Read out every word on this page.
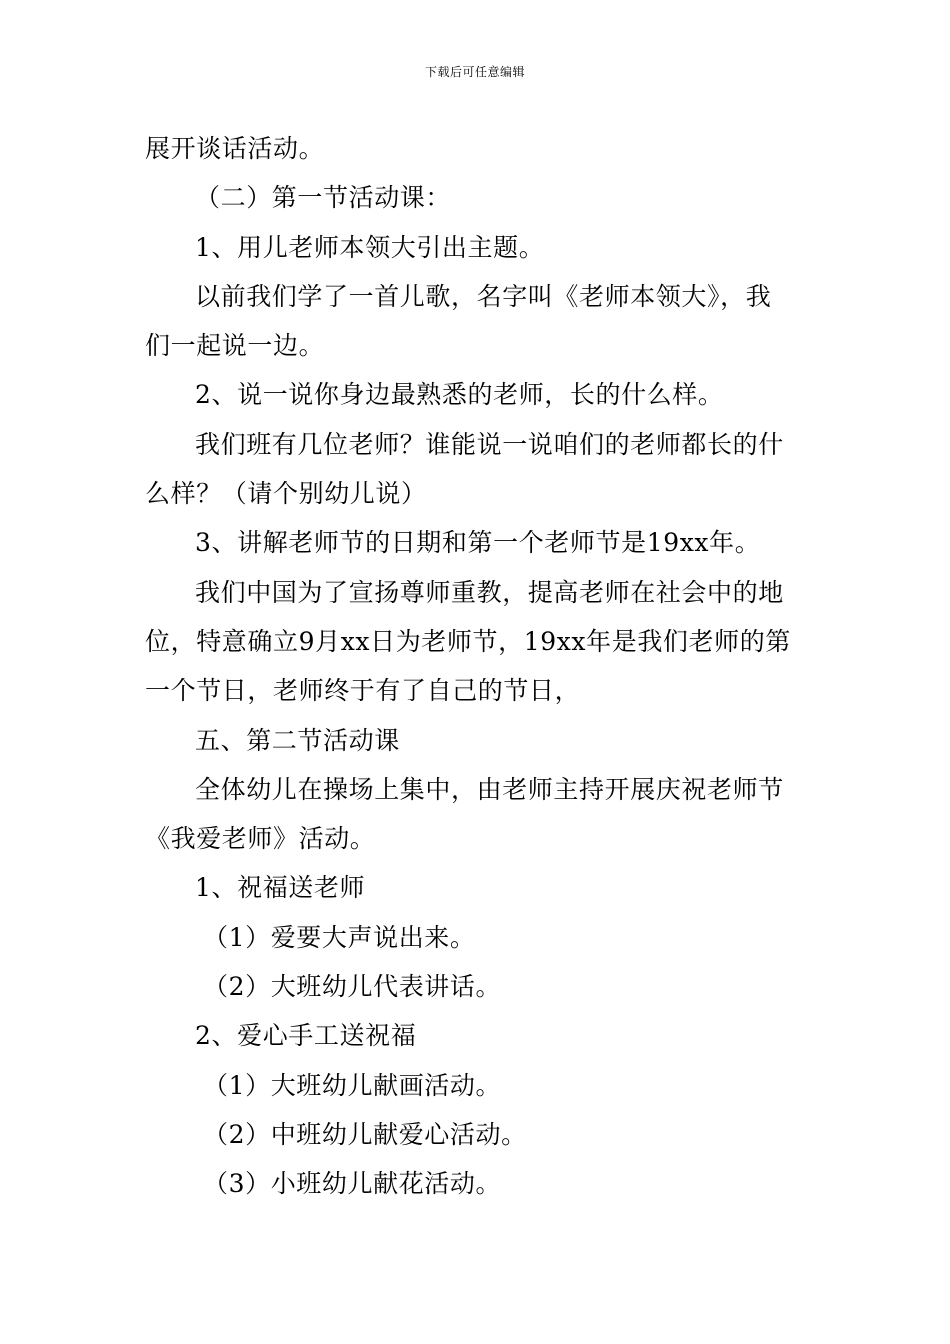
下载后可任意编辑

展开谈话活动。

（二）第一节活动课：

1、用儿老师本领大引出主题。

以前我们学了一首儿歌，名字叫《老师本领大》，我

们一起说一边。

2、说一说你身边最熟悉的老师，长的什么样。

我们班有几位老师？谁能说一说咱们的老师都长的什

么样？（请个别幼儿说）

3、讲解老师节的日期和第一个老师节是19xx年。

我们中国为了宣扬尊师重教，提高老师在社会中的地

位，特意确立9月xx日为老师节，19xx年是我们老师的第

一个节日，老师终于有了自己的节日，

五、第二节活动课

全体幼儿在操场上集中，由老师主持开展庆祝老师节

《我爱老师》活动。

1、祝福送老师

（1）爱要大声说出来。

（2）大班幼儿代表讲话。

2、爱心手工送祝福

（1）大班幼儿献画活动。

（2）中班幼儿献爱心活动。

（3）小班幼儿献花活动。
